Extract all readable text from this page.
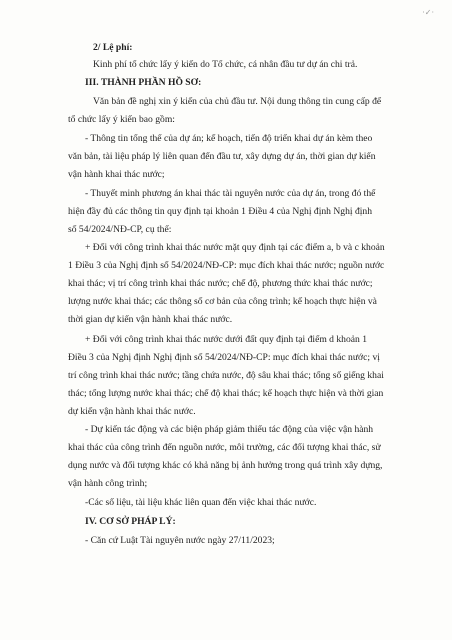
·✓·
2/ Lệ phí:
Kinh phí tổ chức lấy ý kiến do Tổ chức, cá nhân đầu tư dự án chi trả.
III. THÀNH PHẦN HỒ SƠ:
Văn bản đề nghị xin ý kiến của chủ đầu tư. Nội dung thông tin cung cấp để
tổ chức lấy ý kiến bao gồm:
- Thông tin tổng thể của dự án; kế hoạch, tiến độ triển khai dự án kèm theo
văn bản, tài liệu pháp lý liên quan đến đầu tư, xây dựng dự án, thời gian dự kiến
vận hành khai thác nước;
- Thuyết minh phương án khai thác tài nguyên nước của dự án, trong đó thể
hiện đầy đủ các thông tin quy định tại khoản 1 Điều 4 của Nghị định Nghị định
số 54/2024/NĐ-CP, cụ thể:
+ Đối với công trình khai thác nước mặt quy định tại các điểm a, b và c khoản
1 Điều 3 của Nghị định số 54/2024/NĐ-CP: mục đích khai thác nước; nguồn nước
khai thác; vị trí công trình khai thác nước; chế độ, phương thức khai thác nước;
lượng nước khai thác; các thông số cơ bản của công trình; kế hoạch thực hiện và
thời gian dự kiến vận hành khai thác nước.
+ Đối với công trình khai thác nước dưới đất quy định tại điểm d khoản 1
Điều 3 của Nghị định Nghị định số 54/2024/NĐ-CP: mục đích khai thác nước; vị
trí công trình khai thác nước; tầng chứa nước, độ sâu khai thác; tổng số giếng khai
thác; tổng lượng nước khai thác; chế độ khai thác; kế hoạch thực hiện và thời gian
dự kiến vận hành khai thác nước.
- Dự kiến tác động và các biện pháp giảm thiểu tác động của việc vận hành
khai thác của công trình đến nguồn nước, môi trường, các đối tượng khai thác, sử
dụng nước và đối tượng khác có khả năng bị ảnh hưởng trong quá trình xây dựng,
vận hành công trình;
-Các số liệu, tài liệu khác liên quan đến việc khai thác nước.
IV. CƠ SỞ PHÁP LÝ:
- Căn cứ Luật Tài nguyên nước ngày 27/11/2023;
